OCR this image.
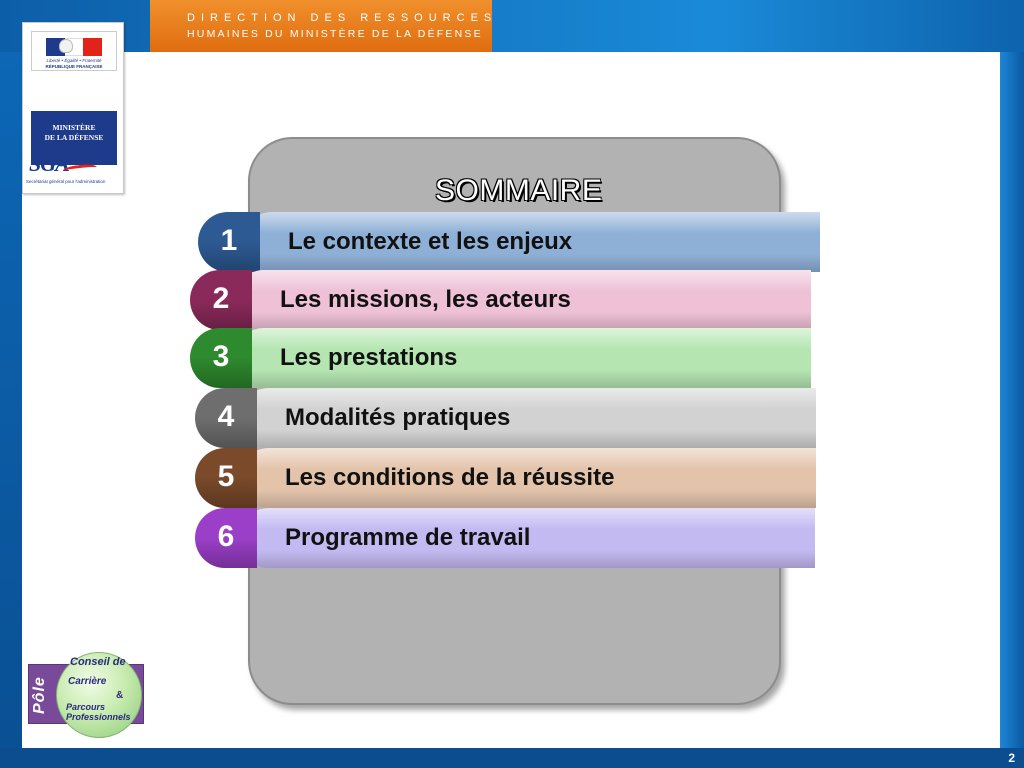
DIRECTION DES RESSOURCES
HUMAINES DU MINISTÈRE DE LA DÉFENSE
2
Liberté • Égalité • Fraternité
RÉPUBLIQUE FRANÇAISE
MINISTÈRE
DE LA DÉFENSE
SGA
Secrétariat général pour l'administration	SOMMAIRE
1	Le contexte et les enjeux
2	Les missions, les acteurs
3	Les prestations
4	Modalités pratiques
5	Les conditions de la réussite
6	Programme de travail
Pôle
Conseil de
Carrière
&
Parcours
Professionnels
